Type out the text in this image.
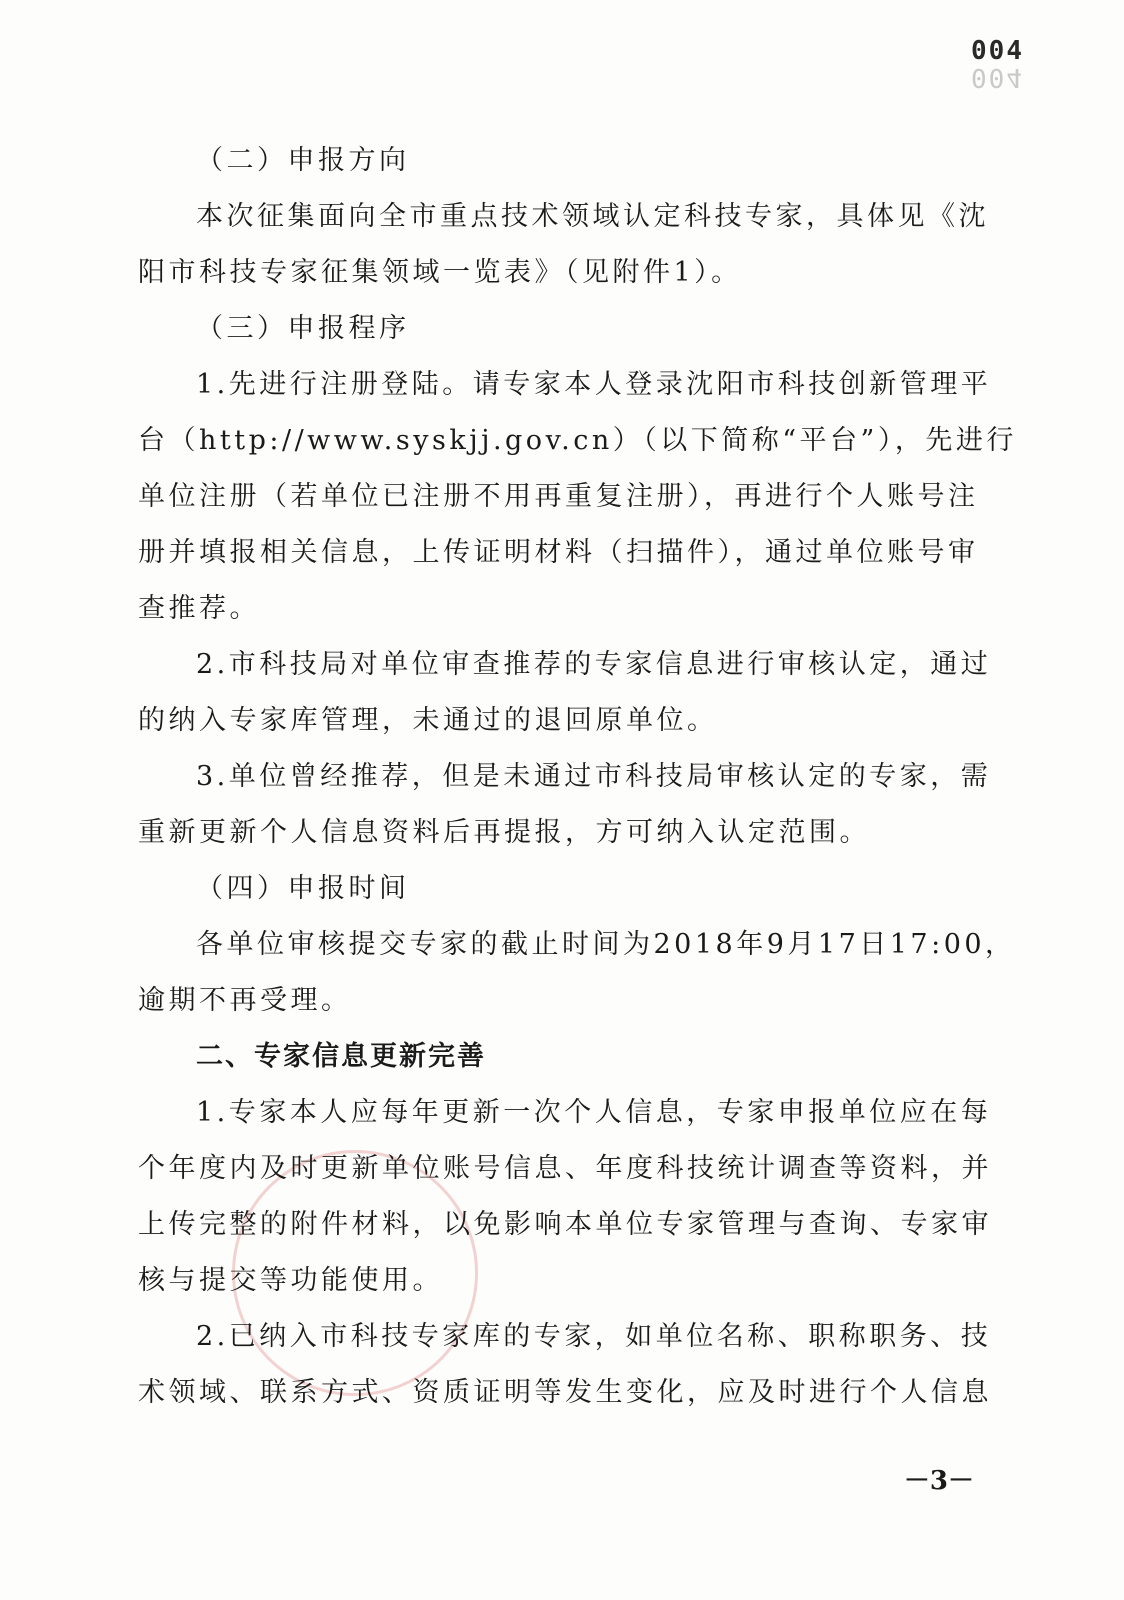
004
004
（二）申报方向
本次征集面向全市重点技术领域认定科技专家，具体见《沈
阳市科技专家征集领域一览表》（见附件1）。
（三）申报程序
1.先进行注册登陆。请专家本人登录沈阳市科技创新管理平
台（http://www.syskjj.gov.cn）（以下简称“平台”），先进行
单位注册（若单位已注册不用再重复注册），再进行个人账号注
册并填报相关信息，上传证明材料（扫描件），通过单位账号审
查推荐。
2.市科技局对单位审查推荐的专家信息进行审核认定，通过
的纳入专家库管理，未通过的退回原单位。
3.单位曾经推荐，但是未通过市科技局审核认定的专家，需
重新更新个人信息资料后再提报，方可纳入认定范围。
（四）申报时间
各单位审核提交专家的截止时间为2018年9月17日17:00，
逾期不再受理。
二、专家信息更新完善
1.专家本人应每年更新一次个人信息，专家申报单位应在每
个年度内及时更新单位账号信息、年度科技统计调查等资料，并
上传完整的附件材料，以免影响本单位专家管理与查询、专家审
核与提交等功能使用。
2.已纳入市科技专家库的专家，如单位名称、职称职务、技
术领域、联系方式、资质证明等发生变化，应及时进行个人信息
－3－
